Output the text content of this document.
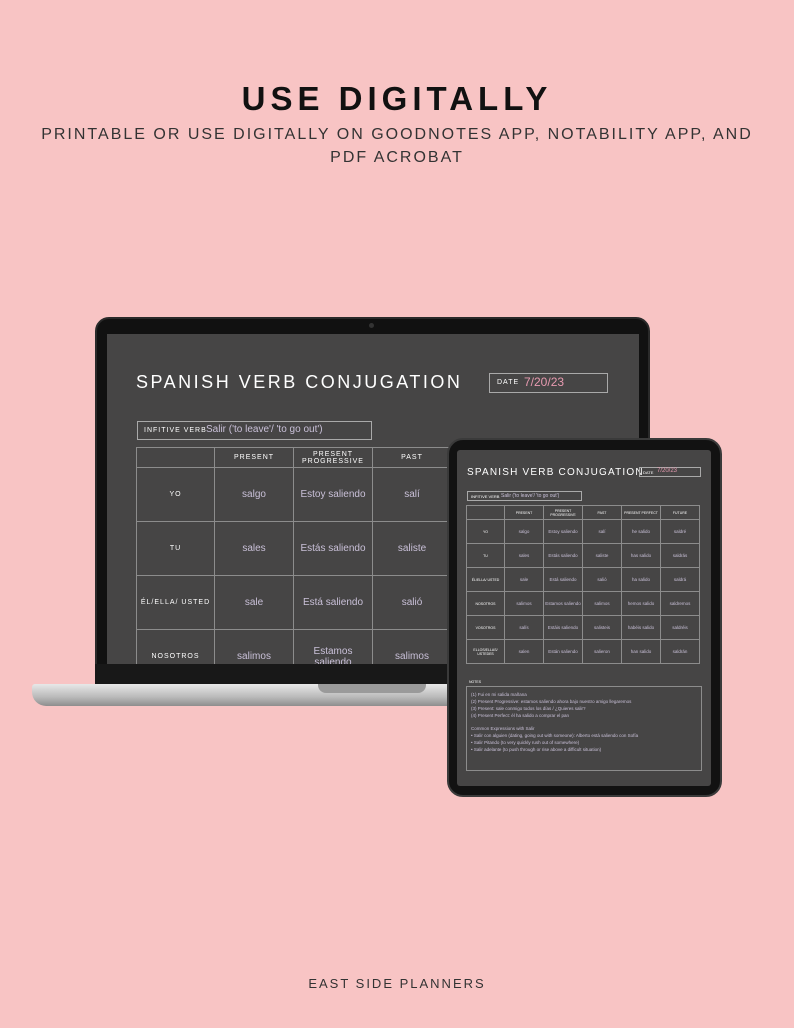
USE DIGITALLY
PRINTABLE OR USE DIGITALLY ON GOODNOTES APP, NOTABILITY APP, AND PDF ACROBAT
SPANISH VERB CONJUGATION	DATE 7/20/23
INFITIVE VERB Salir ('to leave'/ 'to go out')
	PRESENT	PRESENT PROGRESSIVE	PAST
YO	salgo	Estoy saliendo	salí
TU	sales	Estás saliendo	saliste
ÉL/ELLA/ USTED	sale	Está saliendo	salió
NOSOTROS	salimos	Estamos saliendo	salimos
SPANISH VERB CONJUGATION DATE 7/20/23
INFITIVE VERB Salir ('to leave'/ 'to go out')
	PRESENT	PRESENT PROGRESSIVE	PAST	PRESENT PERFECT	FUTURE
YO	salgo	Estoy saliendo	salí	he salido	saldré
TU	sales	Estás saliendo	saliste	has salido	saldrás
ÉL/ELLA/ USTED	sale	Está saliendo	salió	ha salido	saldrá
NOSOTROS	salimos	Estamos saliendo	salimos	hemos salido	saldremos
VOSOTROS	salís	Estáis saliendo	salisteis	habéis salido	saldréis
ELLOS/ELLAS/ USTEDES	salen	Están saliendo	salieron	han salido	saldrán
NOTES
(1) Fui en mi salida mañana
(2) Present Progressive: estamos saliendo ahora bajo nuestro amigo llegaremos
(3) Present: sale conmigo todos los días / ¿Quieres salir?
(4) Present Perfect: él ha salido a comprar el pan
Common Expressions with Salir
• Salir con alguien (dating, going out with someone): Alberto está saliendo con Sofía
• Salir Pitando (to very quickly rush out of somewhere)
• Salir adelante (to push through or rise above a difficult situation)
EAST SIDE PLANNERS
